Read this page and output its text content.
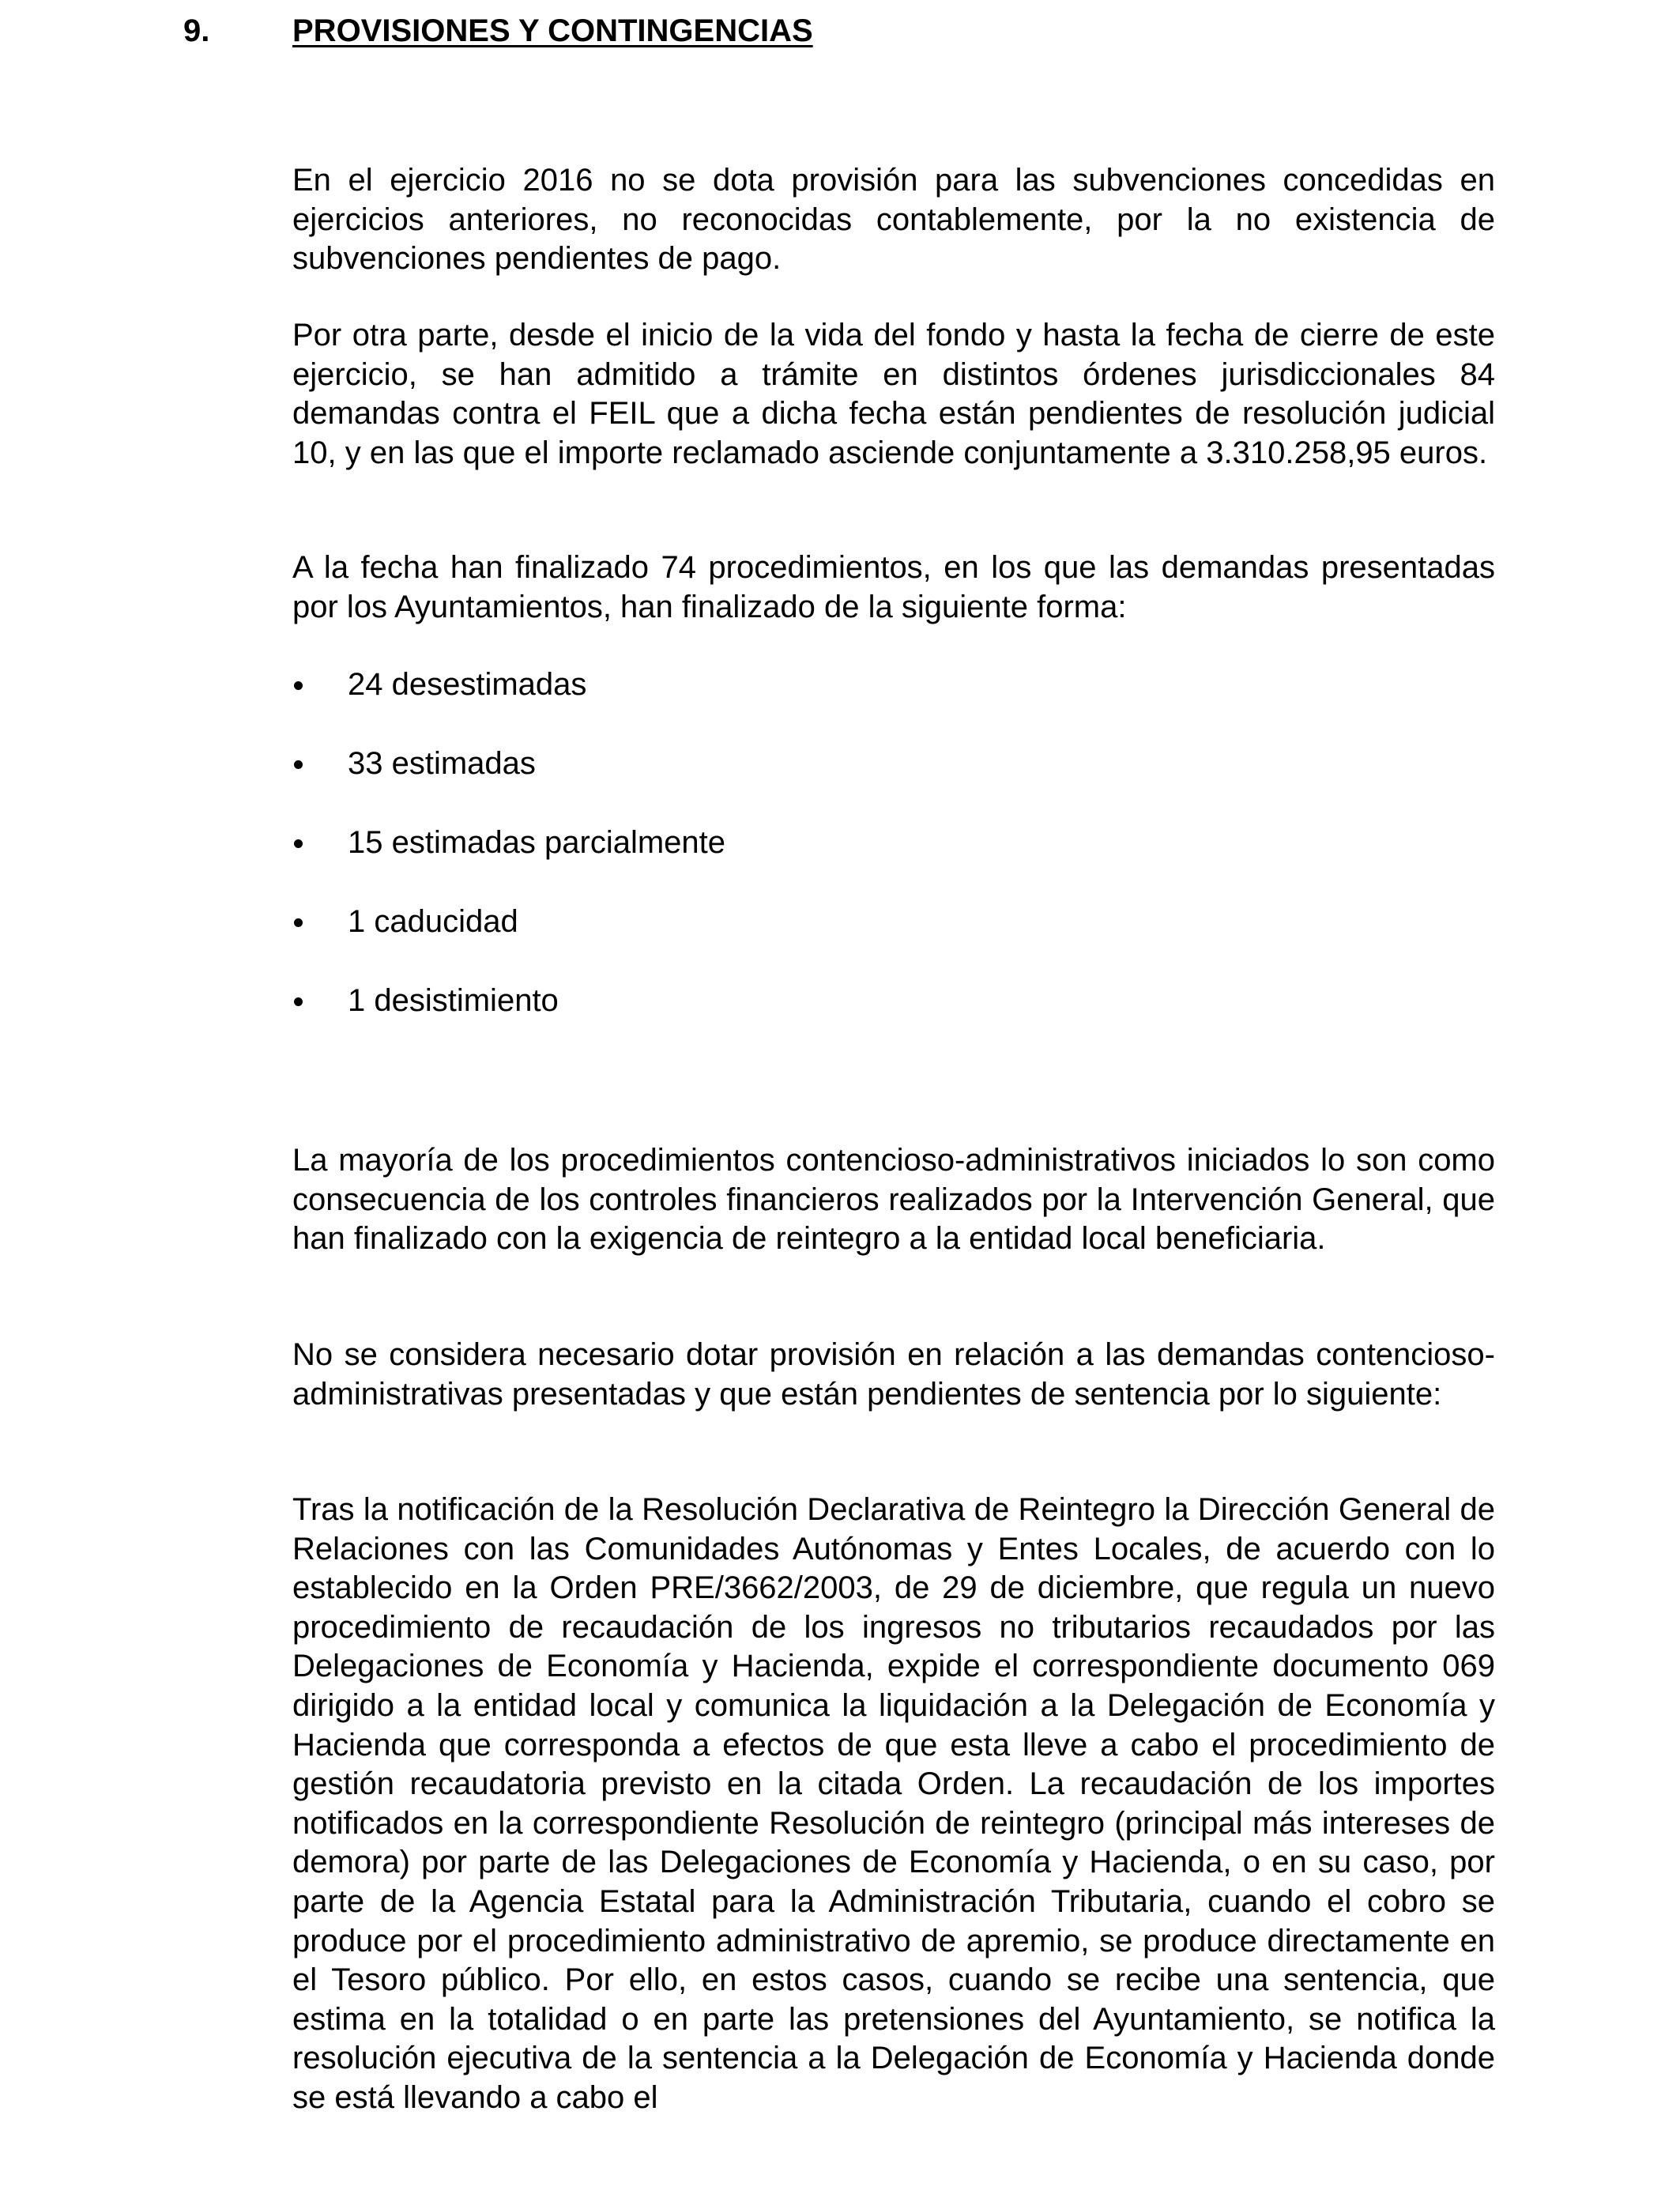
9.	PROVISIONES Y CONTINGENCIAS

En el ejercicio 2016 no se dota provisión para las subvenciones concedidas en ejercicios anteriores, no reconocidas contablemente, por la no existencia de subvenciones pendientes de pago.

Por otra parte, desde el inicio de la vida del fondo y hasta la fecha de cierre de este ejercicio, se han admitido a trámite en distintos órdenes jurisdiccionales 84 demandas contra el FEIL que a dicha fecha están pendientes de resolución judicial 10, y en las que el importe reclamado asciende conjuntamente a 3.310.258,95 euros.

A la fecha han finalizado 74 procedimientos, en los que las demandas presentadas por los Ayuntamientos, han finalizado de la siguiente forma:

24 desestimadas
33 estimadas
15 estimadas parcialmente
1 caducidad
1 desistimiento

La mayoría de los procedimientos contencioso-administrativos iniciados lo son como consecuencia de los controles financieros realizados por la Intervención General, que han finalizado con la exigencia de reintegro a la entidad local beneficiaria.

No se considera necesario dotar provisión en relación a las demandas contencioso-administrativas presentadas y que están pendientes de sentencia por lo siguiente:

Tras la notificación de la Resolución Declarativa de Reintegro la Dirección General de Relaciones con las Comunidades Autónomas y Entes Locales, de acuerdo con lo establecido en la Orden PRE/3662/2003, de 29 de diciembre, que regula un nuevo procedimiento de recaudación de los ingresos no tributarios recaudados por las Delegaciones de Economía y Hacienda, expide el correspondiente documento 069 dirigido a la entidad local y comunica la liquidación a la Delegación de Economía y Hacienda que corresponda a efectos de que esta lleve a cabo el procedimiento de gestión recaudatoria previsto en la citada Orden. La recaudación de los importes notificados en la correspondiente Resolución de reintegro (principal más intereses de demora) por parte de las Delegaciones de Economía y Hacienda, o en su caso, por parte de la Agencia Estatal para la Administración Tributaria, cuando el cobro se produce por el procedimiento administrativo de apremio, se produce directamente en el Tesoro público. Por ello, en estos casos, cuando se recibe una sentencia, que estima en la totalidad o en parte las pretensiones del Ayuntamiento, se notifica la resolución ejecutiva de la sentencia a la Delegación de Economía y Hacienda donde se está llevando a cabo el
